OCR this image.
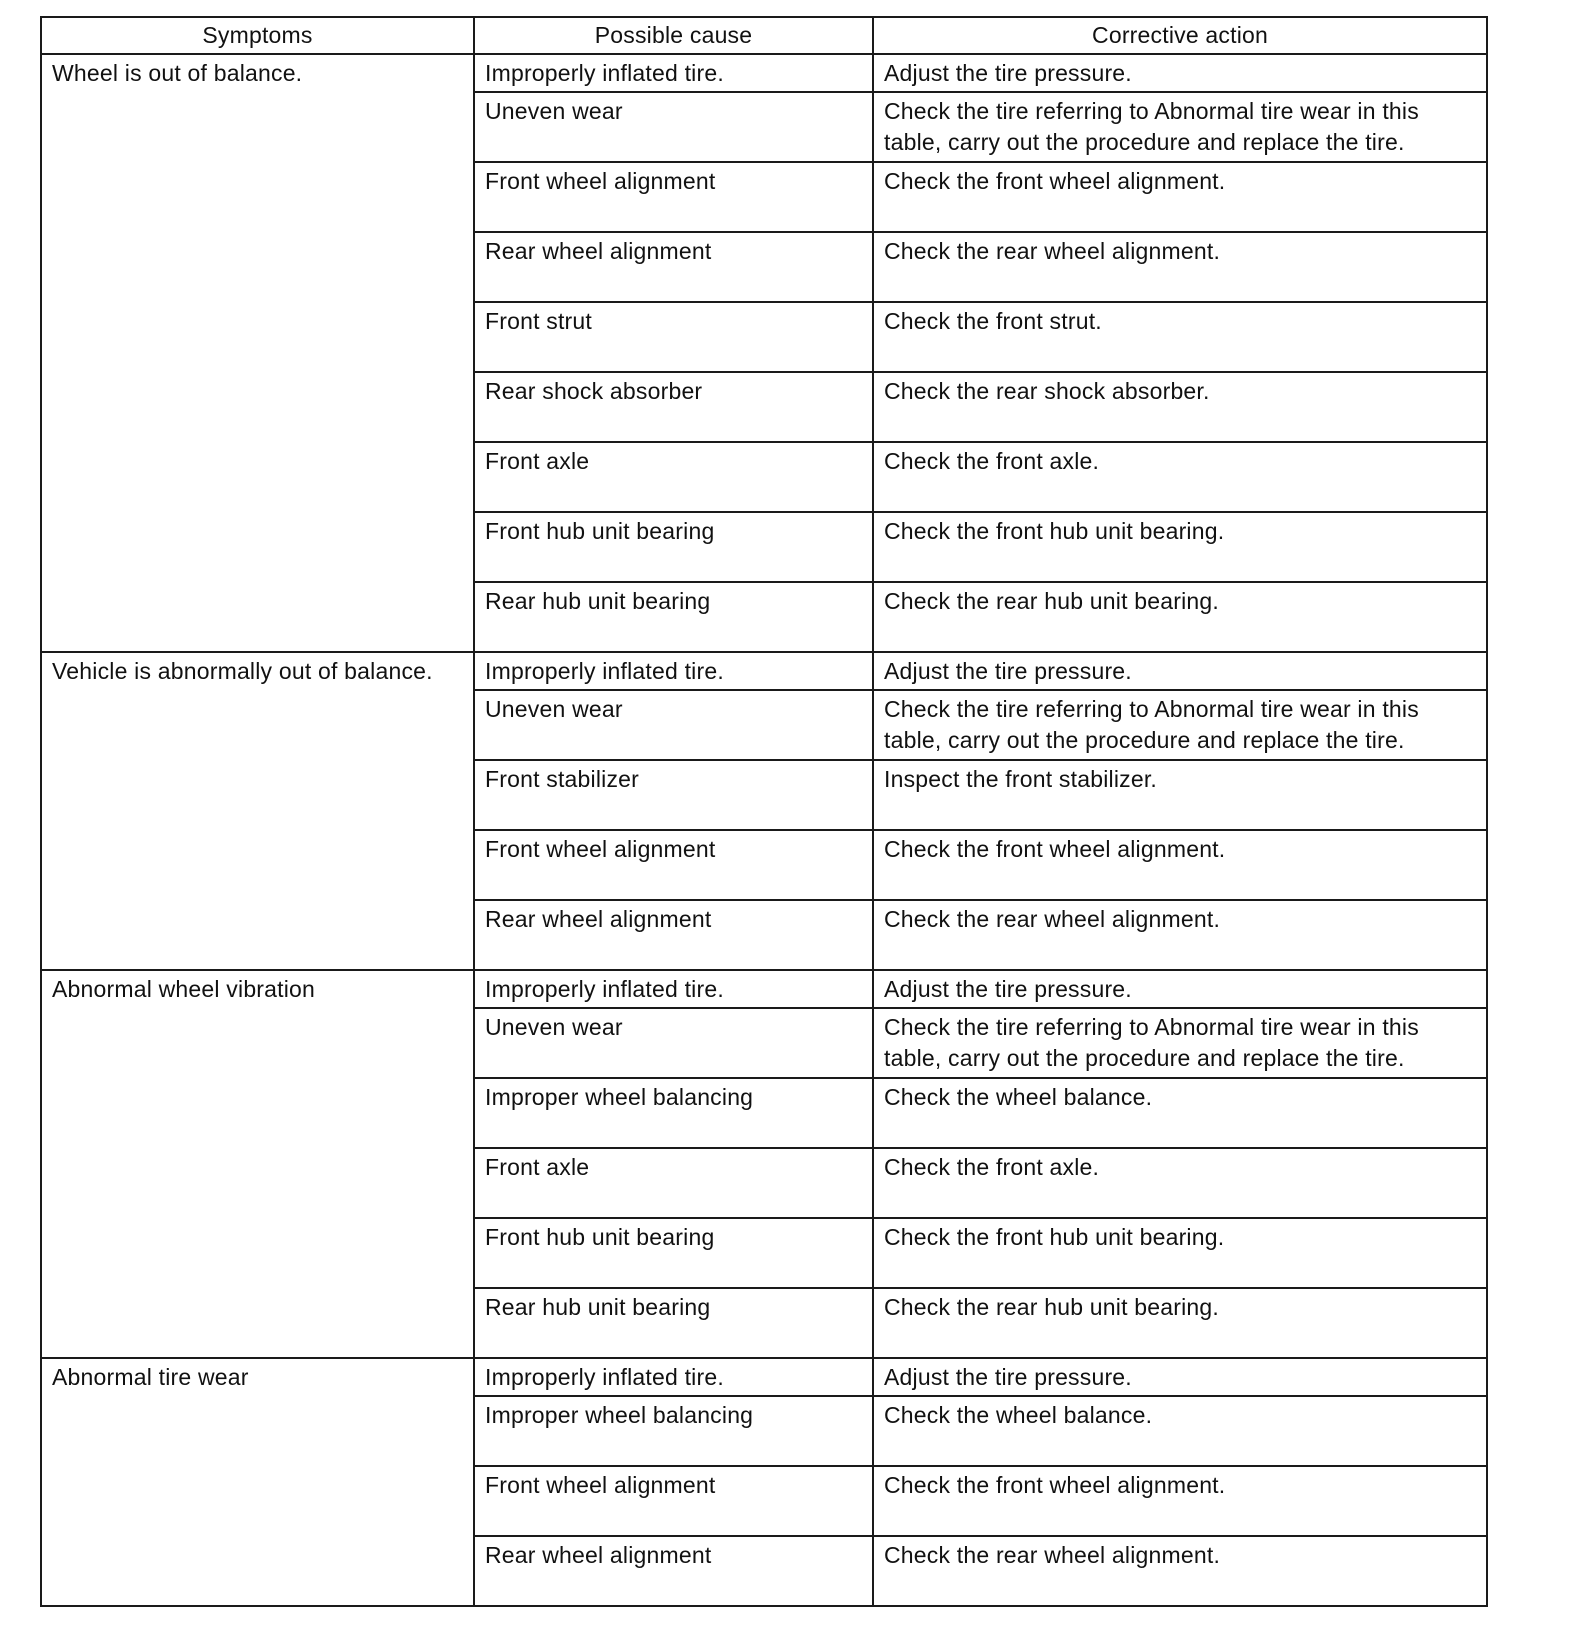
Symptoms	Possible cause	Corrective action
Wheel is out of balance.	Improperly inflated tire.	Adjust the tire pressure.
	Uneven wear	Check the tire referring to Abnormal tire wear in this table, carry out the procedure and replace the tire.
	Front wheel alignment	Check the front wheel alignment.
	Rear wheel alignment	Check the rear wheel alignment.
	Front strut	Check the front strut.
	Rear shock absorber	Check the rear shock absorber.
	Front axle	Check the front axle.
	Front hub unit bearing	Check the front hub unit bearing.
	Rear hub unit bearing	Check the rear hub unit bearing.
Vehicle is abnormally out of balance.	Improperly inflated tire.	Adjust the tire pressure.
	Uneven wear	Check the tire referring to Abnormal tire wear in this table, carry out the procedure and replace the tire.
	Front stabilizer	Inspect the front stabilizer.
	Front wheel alignment	Check the front wheel alignment.
	Rear wheel alignment	Check the rear wheel alignment.
Abnormal wheel vibration	Improperly inflated tire.	Adjust the tire pressure.
	Uneven wear	Check the tire referring to Abnormal tire wear in this table, carry out the procedure and replace the tire.
	Improper wheel balancing	Check the wheel balance.
	Front axle	Check the front axle.
	Front hub unit bearing	Check the front hub unit bearing.
	Rear hub unit bearing	Check the rear hub unit bearing.
Abnormal tire wear	Improperly inflated tire.	Adjust the tire pressure.
	Improper wheel balancing	Check the wheel balance.
	Front wheel alignment	Check the front wheel alignment.
	Rear wheel alignment	Check the rear wheel alignment.
